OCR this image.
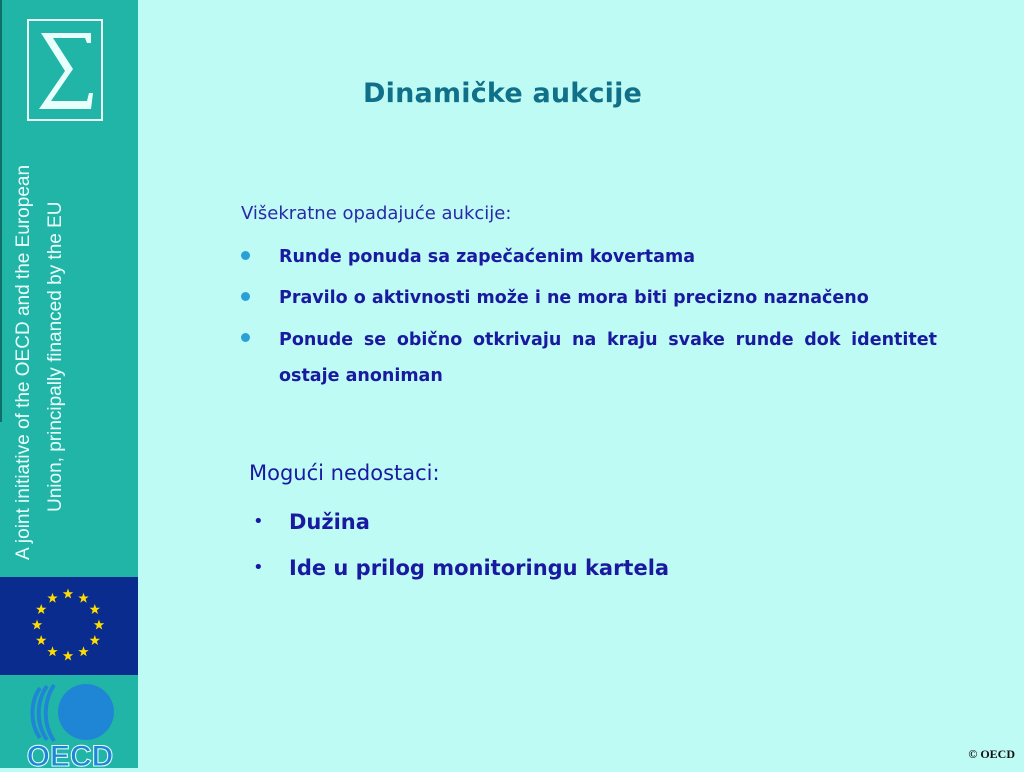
A joint initiative of the OECD and the European Union, principally financed by the EU
OECD
Dinamičke aukcije
Višekratne opadajuće aukcije:
Runde ponuda sa zapečaćenim kovertama
Pravilo o aktivnosti može i ne mora biti precizno naznačeno
Ponude se obično otkrivaju na kraju svake runde dok identitet ostaje anoniman
Mogući nedostaci:
• Dužina
• Ide u prilog monitoringu kartela
© OECD
